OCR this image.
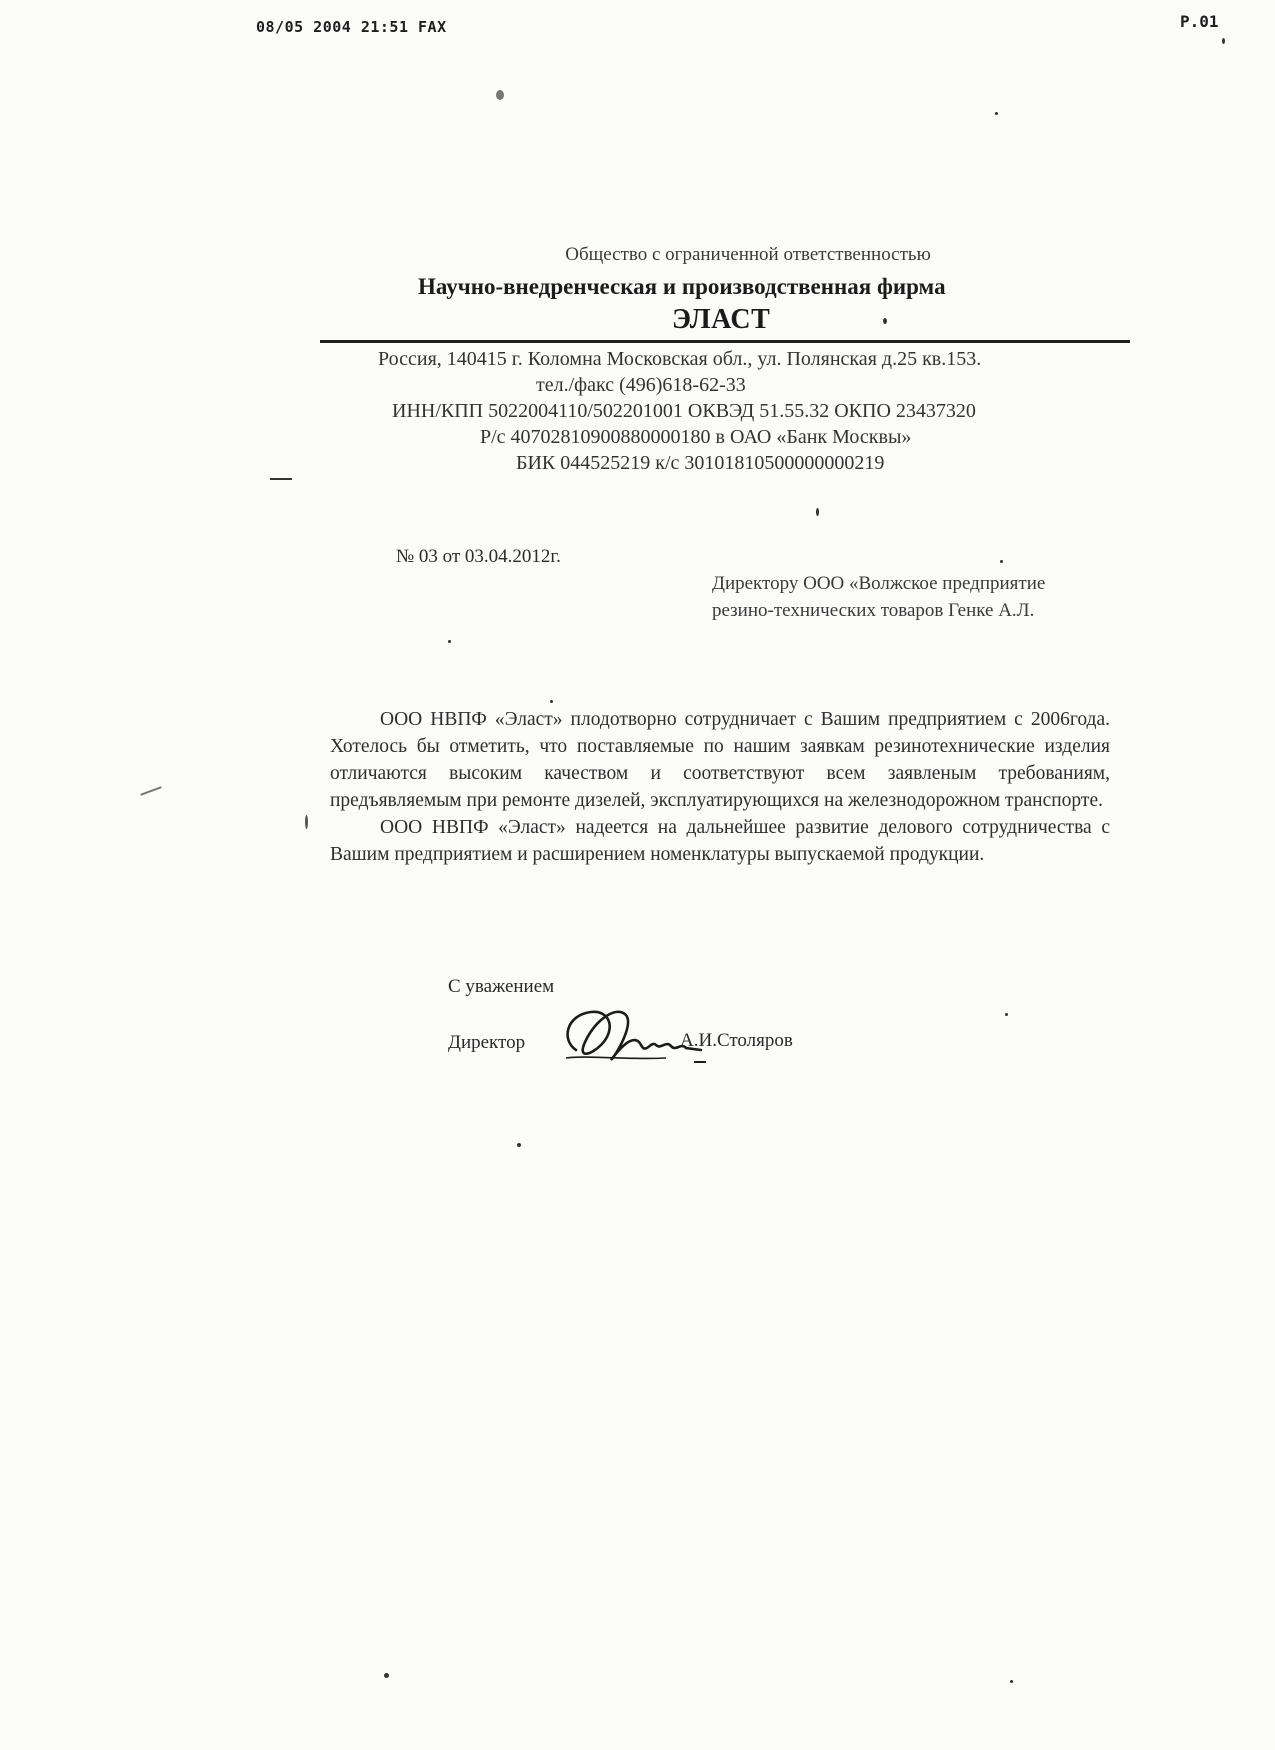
08/05 2004 21:51 FAX	P.01
Общество с ограниченной ответственностью
Научно-внедренческая и производственная фирма
ЭЛАСТ
Россия, 140415 г. Коломна Московская обл., ул. Полянская д.25 кв.153.
тел./факс (496)618-62-33
ИНН/КПП 5022004110/502201001 ОКВЭД 51.55.32 ОКПО 23437320
Р/с 40702810900880000180 в ОАО «Банк Москвы»
БИК 044525219 к/с 30101810500000000219
№ 03 от 03.04.2012г.
Директору ООО «Волжское предприятие резино-технических товаров Генке А.Л.

ООО НВПФ «Эласт» плодотворно сотрудничает с Вашим предприятием с 2006года. Хотелось бы отметить, что поставляемые по нашим заявкам резинотехнические изделия отличаются высоким качеством и соответствуют всем заявленым требованиям, предъявляемым при ремонте дизелей, эксплуатирующихся на железнодорожном транспорте.

ООО НВПФ «Эласт» надеется на дальнейшее развитие делового сотрудничества с Вашим предприятием и расширением номенклатуры выпускаемой продукции.

С уважением
Директор	А.И.Столяров
